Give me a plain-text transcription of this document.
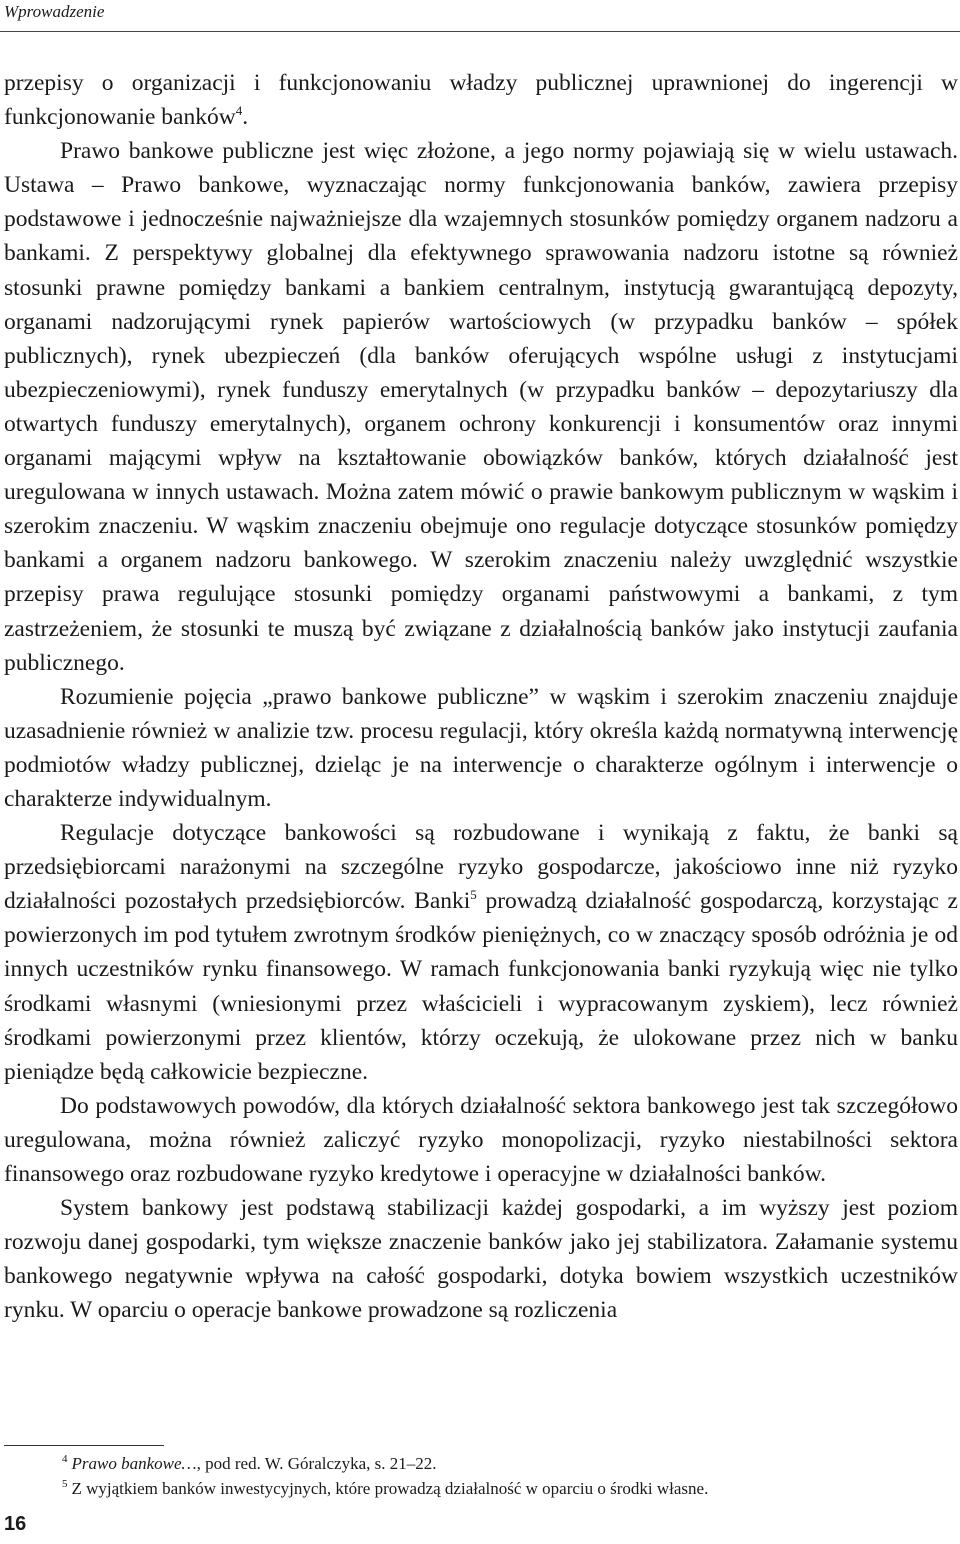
Wprowadzenie

przepisy o organizacji i funkcjonowaniu władzy publicznej uprawnionej do ingerencji w funkcjonowanie banków$^4$.

Prawo bankowe publiczne jest więc złożone, a jego normy pojawiają się w wielu ustawach. Ustawa – Prawo bankowe, wyznaczając normy funkcjonowania banków, zawiera przepisy podstawowe i jednocześnie najważniejsze dla wzajemnych stosunków pomiędzy organem nadzoru a bankami. Z perspektywy globalnej dla efektywnego sprawowania nadzoru istotne są również stosunki prawne pomiędzy bankami a bankiem centralnym, instytucją gwarantującą depozyty, organami nadzorującymi rynek papierów wartościowych (w przypadku banków – spółek publicznych), rynek ubezpieczeń (dla banków oferujących wspólne usługi z instytucjami ubezpieczeniowymi), rynek funduszy emerytalnych (w przypadku banków – depozytariuszy dla otwartych funduszy emerytalnych), organem ochrony konkurencji i konsumentów oraz innymi organami mającymi wpływ na kształtowanie obowiązków banków, których działalność jest uregulowana w innych ustawach. Można zatem mówić o prawie bankowym publicznym w wąskim i szerokim znaczeniu. W wąskim znaczeniu obejmuje ono regulacje dotyczące stosunków pomiędzy bankami a organem nadzoru bankowego. W szerokim znaczeniu należy uwzględnić wszystkie przepisy prawa regulujące stosunki pomiędzy organami państwowymi a bankami, z tym zastrzeżeniem, że stosunki te muszą być związane z działalnością banków jako instytucji zaufania publicznego.

Rozumienie pojęcia „prawo bankowe publiczne” w wąskim i szerokim znaczeniu znajduje uzasadnienie również w analizie tzw. procesu regulacji, który określa każdą normatywną interwencję podmiotów władzy publicznej, dzieląc je na interwencje o charakterze ogólnym i interwencje o charakterze indywidualnym.

Regulacje dotyczące bankowości są rozbudowane i wynikają z faktu, że banki są przedsiębiorcami narażonymi na szczególne ryzyko gospodarcze, jakościowo inne niż ryzyko działalności pozostałych przedsiębiorców. Banki$^5$ prowadzą działalność gospodarczą, korzystając z powierzonych im pod tytułem zwrotnym środków pieniężnych, co w znaczący sposób odróżnia je od innych uczestników rynku finansowego. W ramach funkcjonowania banki ryzykują więc nie tylko środkami własnymi (wniesionymi przez właścicieli i wypracowanym zyskiem), lecz również środkami powierzonymi przez klientów, którzy oczekują, że ulokowane przez nich w banku pieniądze będą całkowicie bezpieczne.

Do podstawowych powodów, dla których działalność sektora bankowego jest tak szczegółowo uregulowana, można również zaliczyć ryzyko monopolizacji, ryzyko niestabilności sektora finansowego oraz rozbudowane ryzyko kredytowe i operacyjne w działalności banków.

System bankowy jest podstawą stabilizacji każdej gospodarki, a im wyższy jest poziom rozwoju danej gospodarki, tym większe znaczenie banków jako jej stabilizatora. Załamanie systemu bankowego negatywnie wpływa na całość gospodarki, dotyka bowiem wszystkich uczestników rynku. W oparciu o operacje bankowe prowadzone są rozliczenia

$^4$ Prawo bankowe…, pod red. W. Góralczyka, s. 21–22.

$^5$ Z wyjątkiem banków inwestycyjnych, które prowadzą działalność w oparciu o środki własne.

16
